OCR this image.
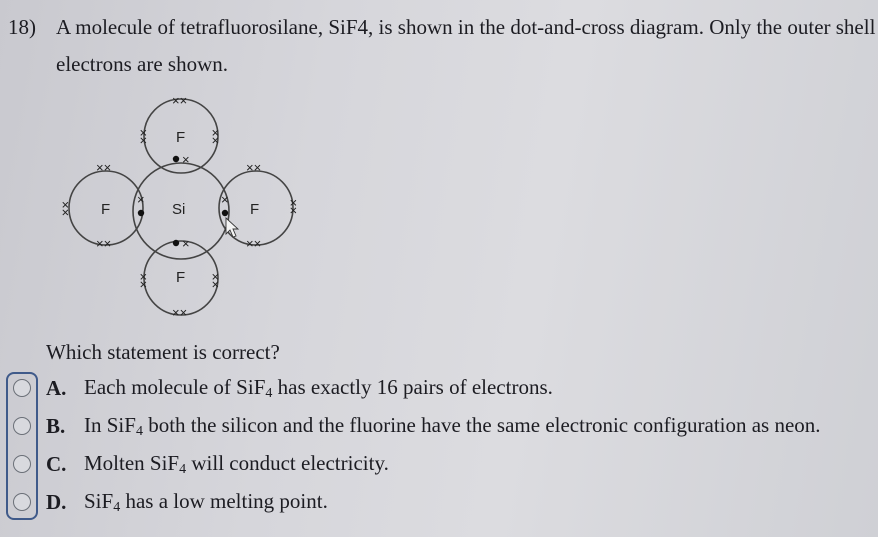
18) A molecule of tetrafluorosilane, SiF4, is shown in the dot-and-cross diagram. Only the outer shell
electrons are shown.
F
F	Si	F
F
××
××	××
××
××
××
××
××
××
××
××	××
×
×
×	×
Which statement is correct?
A. Each molecule of SiF$_4$ has exactly 16 pairs of electrons.
B. In SiF$_4$ both the silicon and the fluorine have the same electronic configuration as neon.
C. Molten SiF$_4$ will conduct electricity.
D. SiF$_4$ has a low melting point.
